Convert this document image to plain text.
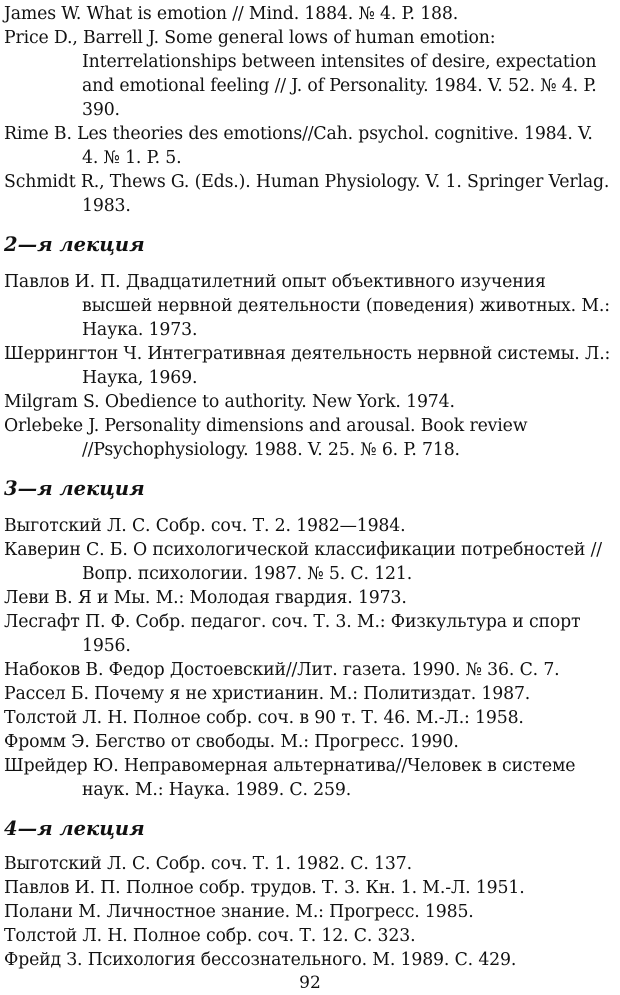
James W. What is emotion // Mind. 1884. № 4. P. 188.
Price D., Barrell J. Some general lows of human emotion: Interrelationships between intensites of desire, expectation and emotional feeling // J. of Personality. 1984. V. 52. № 4. P. 390.
Rime B. Les theories des emotions//Cah. psychol. cognitive. 1984. V. 4. № 1. P. 5.
Schmidt R., Thews G. (Eds.). Human Physiology. V. 1. Springer Verlag. 1983.
2—я лекция
Павлов И. П. Двадцатилетний опыт объективного изучения высшей нервной деятельности (поведения) животных. М.: Наука. 1973.
Шеррингтон Ч. Интегративная деятельность нервной системы. Л.: Наука, 1969.
Milgram S. Obedience to authority. New York. 1974.
Orlebeke J. Personality dimensions and arousal. Book review //Psychophysiology. 1988. V. 25. № 6. P. 718.
3—я лекция
Выготский Л. С. Собр. соч. Т. 2. 1982—1984.
Каверин С. Б. О психологической классификации потребностей //Вопр. психологии. 1987. № 5. С. 121.
Леви В. Я и Мы. М.: Молодая гвардия. 1973.
Лесгафт П. Ф. Собр. педагог. соч. Т. 3. М.: Физкультура и спорт 1956.
Набоков В. Федор Достоевский//Лит. газета. 1990. № 36. С. 7.
Рассел Б. Почему я не христианин. М.: Политиздат. 1987.
Толстой Л. Н. Полное собр. соч. в 90 т. Т. 46. М.-Л.: 1958.
Фромм Э. Бегство от свободы. М.: Прогресс. 1990.
Шрейдер Ю. Неправомерная альтернатива//Человек в системе наук. М.: Наука. 1989. С. 259.
4—я лекция
Выготский Л. С. Собр. соч. Т. 1. 1982. С. 137.
Павлов И. П. Полное собр. трудов. Т. 3. Кн. 1. М.-Л. 1951.
Полани М. Личностное знание. М.: Прогресс. 1985.
Толстой Л. Н. Полное собр. соч. Т. 12. С. 323.
Фрейд З. Психология бессознательного. М. 1989. С. 429.
92
